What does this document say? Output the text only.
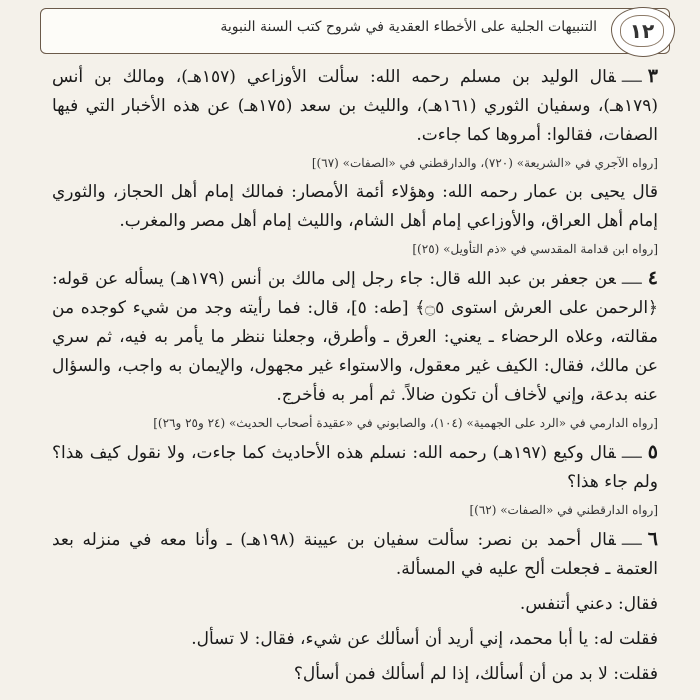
التنبيهات الجلية على الأخطاء العقدية في شروح كتب السنة النبوية	١٢

٣ــــقال الوليد بن مسلم رحمه الله: سألت الأوزاعي (١٥٧هـ)، ومالك بن أنس (١٧٩هـ)، وسفيان الثوري (١٦١هـ)، والليث بن سعد (١٧٥هـ) عن هذه الأخبار التي فيها الصفات، فقالوا: أمروها كما جاءت.

[رواه الآجري في «الشريعة» (٧٢٠)، والدارقطني في «الصفات» (٦٧)]

قال يحيى بن عمار رحمه الله: وهؤلاء أئمة الأمصار: فمالك إمام أهل الحجاز، والثوري إمام أهل العراق، والأوزاعي إمام أهل الشام، والليث إمام أهل مصر والمغرب.

[رواه ابن قدامة المقدسي في «ذم التأويل» (٢٥)]

٤ــــعن جعفر بن عبد الله قال: جاء رجل إلى مالك بن أنس (١٧٩هـ) يسأله عن قوله: ﴿الرحمن على العرش استوى ۝٥﴾ [طه: ٥]، قال: فما رأيته وجد من شيء كوجده من مقالته، وعلاه الرحضاء ـ يعني: العرق ـ وأطرق، وجعلنا ننظر ما يأمر به فيه، ثم سري عن مالك، فقال: الكيف غير معقول، والاستواء غير مجهول، والإيمان به واجب، والسؤال عنه بدعة، وإني لأخاف أن تكون ضالاً. ثم أمر به فأخرج.

[رواه الدارمي في «الرد على الجهمية» (١٠٤)، والصابوني في «عقيدة أصحاب الحديث» (٢٤ و٢٥ و٢٦)]

٥ــــقال وكيع (١٩٧هـ) رحمه الله: نسلم هذه الأحاديث كما جاءت، ولا نقول كيف هذا؟ ولم جاء هذا؟

[رواه الدارقطني في «الصفات» (٦٢)]

٦ــــقال أحمد بن نصر: سألت سفيان بن عيينة (١٩٨هـ) ـ وأنا معه في منزله بعد العتمة ـ فجعلت ألح عليه في المسألة.

فقال: دعني أتنفس.

فقلت له: يا أبا محمد، إني أريد أن أسألك عن شيء، فقال: لا تسأل.

فقلت: لا بد من أن أسألك، إذا لم أسألك فمن أسأل؟
